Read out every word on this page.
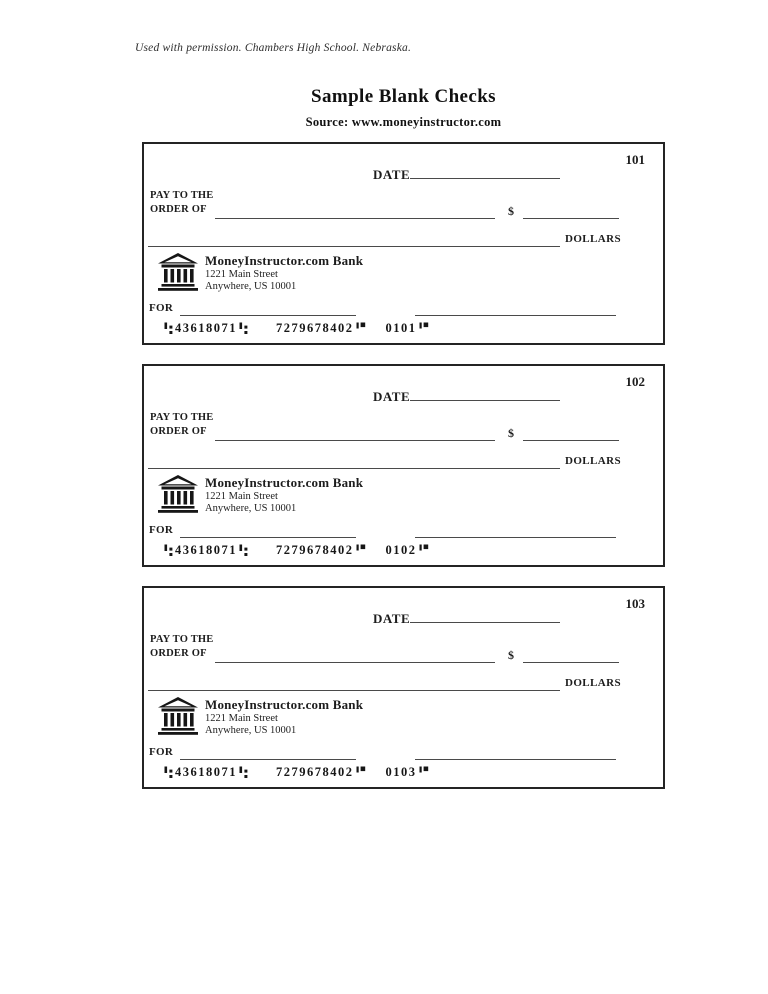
Used with permission. Chambers High School. Nebraska.
Sample Blank Checks
Source: www.moneyinstructor.com
101
DATE
PAY TO THE
ORDER OF	$
DOLLARS
MoneyInstructor.com Bank
1221 Main Street
Anywhere, US 10001
FOR
43618071	7279678402	0101
102
DATE
PAY TO THE
ORDER OF	$
DOLLARS
MoneyInstructor.com Bank
1221 Main Street
Anywhere, US 10001
FOR
43618071	7279678402	0102
103
DATE
PAY TO THE
ORDER OF	$
DOLLARS
MoneyInstructor.com Bank
1221 Main Street
Anywhere, US 10001
FOR
43618071	7279678402	0103
